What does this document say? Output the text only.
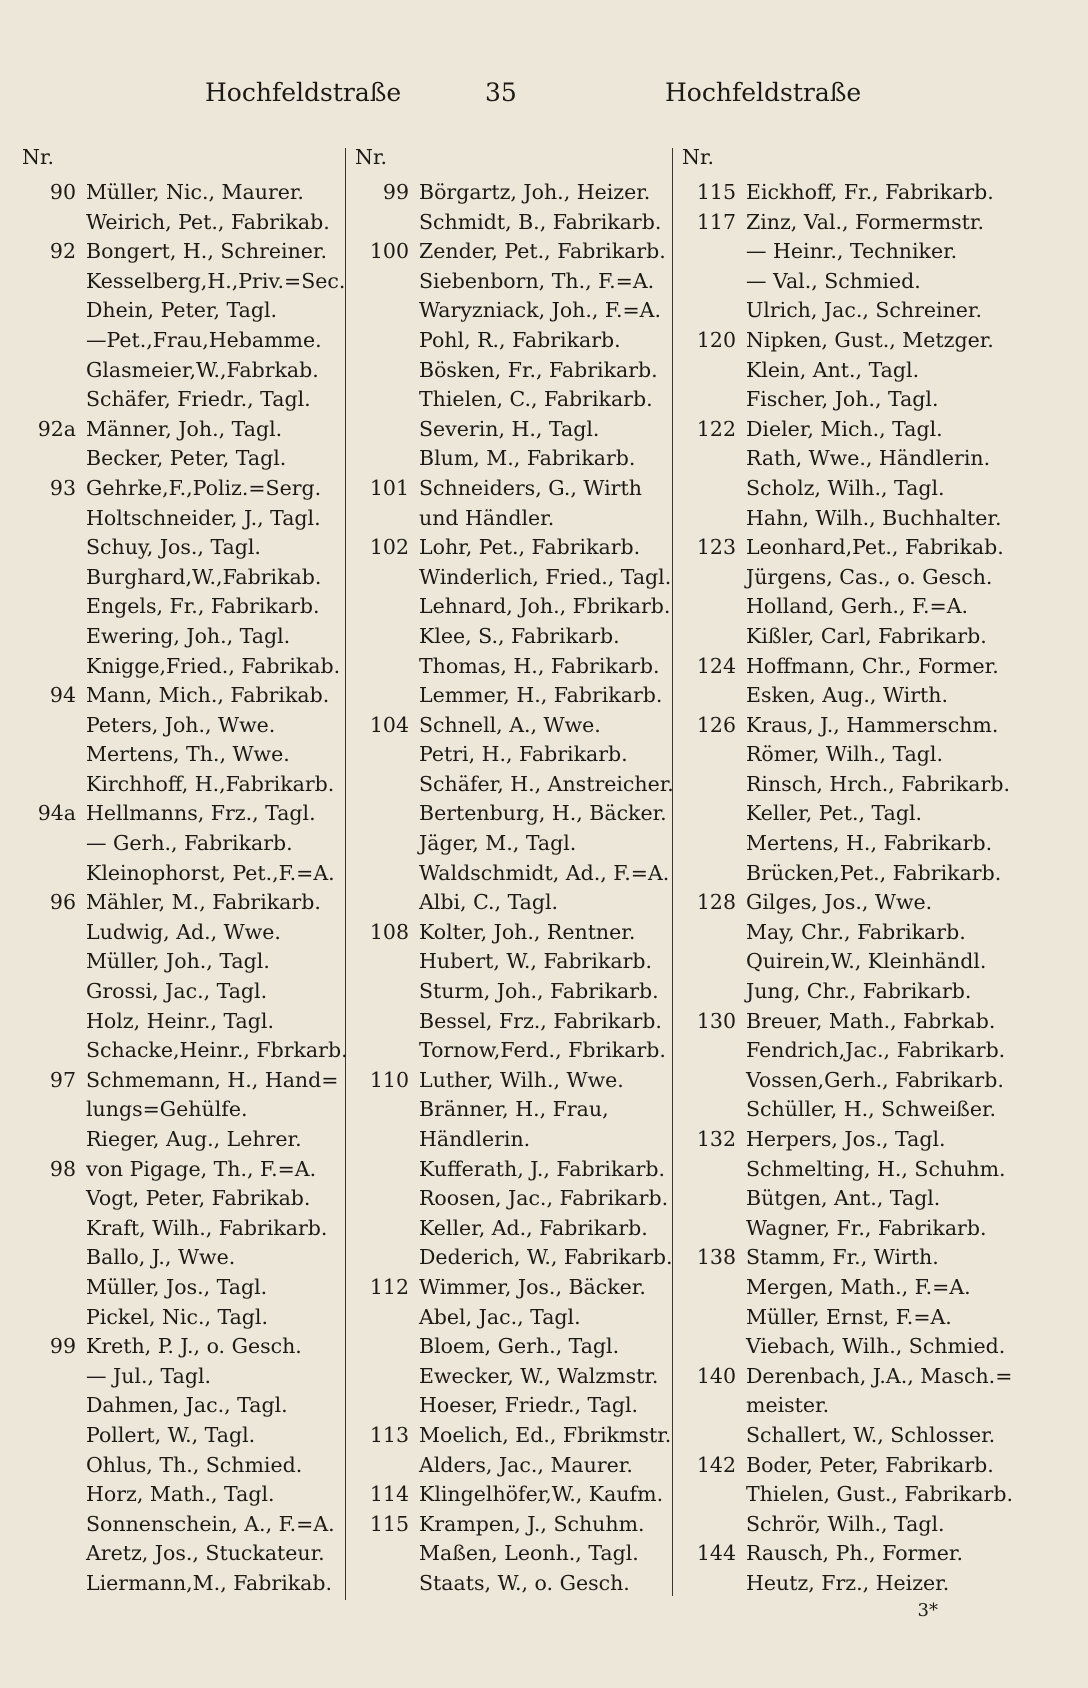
Hochfeldstraße	35	Hochfeldstraße
Nr.
90 Müller, Nic., Maurer.
Weirich, Pet., Fabrikab.
92 Bongert, H., Schreiner.
Kesselberg,H.,Priv.=Sec.
Dhein, Peter, Tagl.
—Pet.,Frau,Hebamme.
Glasmeier,W.,Fabrkab.
Schäfer, Friedr., Tagl.
92a Männer, Joh., Tagl.
Becker, Peter, Tagl.
93 Gehrke,F.,Poliz.=Serg.
Holtschneider, J., Tagl.
Schuy, Jos., Tagl.
Burghard,W.,Fabrikab.
Engels, Fr., Fabrikarb.
Ewering, Joh., Tagl.
Knigge,Fried., Fabrikab.
94 Mann, Mich., Fabrikab.
Peters, Joh., Wwe.
Mertens, Th., Wwe.
Kirchhoff, H.,Fabrikarb.
94a Hellmanns, Frz., Tagl.
— Gerh., Fabrikarb.
Kleinophorst, Pet.,F.=A.
96 Mähler, M., Fabrikarb.
Ludwig, Ad., Wwe.
Müller, Joh., Tagl.
Grossi, Jac., Tagl.
Holz, Heinr., Tagl.
Schacke,Heinr., Fbrkarb.
97 Schmemann, H., Hand=
lungs=Gehülfe.
Rieger, Aug., Lehrer.
98 von Pigage, Th., F.=A.
Vogt, Peter, Fabrikab.
Kraft, Wilh., Fabrikarb.
Ballo, J., Wwe.
Müller, Jos., Tagl.
Pickel, Nic., Tagl.
99 Kreth, P. J., o. Gesch.
— Jul., Tagl.
Dahmen, Jac., Tagl.
Pollert, W., Tagl.
Ohlus, Th., Schmied.
Horz, Math., Tagl.
Sonnenschein, A., F.=A.
Aretz, Jos., Stuckateur.
Liermann,M., Fabrikab.
Nr.
99 Börgartz, Joh., Heizer.
Schmidt, B., Fabrikarb.
100 Zender, Pet., Fabrikarb.
Siebenborn, Th., F.=A.
Waryzniack, Joh., F.=A.
Pohl, R., Fabrikarb.
Bösken, Fr., Fabrikarb.
Thielen, C., Fabrikarb.
Severin, H., Tagl.
Blum, M., Fabrikarb.
101 Schneiders, G., Wirth
und Händler.
102 Lohr, Pet., Fabrikarb.
Winderlich, Fried., Tagl.
Lehnard, Joh., Fbrikarb.
Klee, S., Fabrikarb.
Thomas, H., Fabrikarb.
Lemmer, H., Fabrikarb.
104 Schnell, A., Wwe.
Petri, H., Fabrikarb.
Schäfer, H., Anstreicher.
Bertenburg, H., Bäcker.
Jäger, M., Tagl.
Waldschmidt, Ad., F.=A.
Albi, C., Tagl.
108 Kolter, Joh., Rentner.
Hubert, W., Fabrikarb.
Sturm, Joh., Fabrikarb.
Bessel, Frz., Fabrikarb.
Tornow,Ferd., Fbrikarb.
110 Luther, Wilh., Wwe.
Bränner, H., Frau,
Händlerin.
Kufferath, J., Fabrikarb.
Roosen, Jac., Fabrikarb.
Keller, Ad., Fabrikarb.
Dederich, W., Fabrikarb.
112 Wimmer, Jos., Bäcker.
Abel, Jac., Tagl.
Bloem, Gerh., Tagl.
Ewecker, W., Walzmstr.
Hoeser, Friedr., Tagl.
113 Moelich, Ed., Fbrikmstr.
Alders, Jac., Maurer.
114 Klingelhöfer,W., Kaufm.
115 Krampen, J., Schuhm.
Maßen, Leonh., Tagl.
Staats, W., o. Gesch.
Nr.
115 Eickhoff, Fr., Fabrikarb.
117 Zinz, Val., Formermstr.
— Heinr., Techniker.
— Val., Schmied.
Ulrich, Jac., Schreiner.
120 Nipken, Gust., Metzger.
Klein, Ant., Tagl.
Fischer, Joh., Tagl.
122 Dieler, Mich., Tagl.
Rath, Wwe., Händlerin.
Scholz, Wilh., Tagl.
Hahn, Wilh., Buchhalter.
123 Leonhard,Pet., Fabrikab.
Jürgens, Cas., o. Gesch.
Holland, Gerh., F.=A.
Kißler, Carl, Fabrikarb.
124 Hoffmann, Chr., Former.
Esken, Aug., Wirth.
126 Kraus, J., Hammerschm.
Römer, Wilh., Tagl.
Rinsch, Hrch., Fabrikarb.
Keller, Pet., Tagl.
Mertens, H., Fabrikarb.
Brücken,Pet., Fabrikarb.
128 Gilges, Jos., Wwe.
May, Chr., Fabrikarb.
Quirein,W., Kleinhändl.
Jung, Chr., Fabrikarb.
130 Breuer, Math., Fabrkab.
Fendrich,Jac., Fabrikarb.
Vossen,Gerh., Fabrikarb.
Schüller, H., Schweißer.
132 Herpers, Jos., Tagl.
Schmelting, H., Schuhm.
Bütgen, Ant., Tagl.
Wagner, Fr., Fabrikarb.
138 Stamm, Fr., Wirth.
Mergen, Math., F.=A.
Müller, Ernst, F.=A.
Viebach, Wilh., Schmied.
140 Derenbach, J.A., Masch.=
meister.
Schallert, W., Schlosser.
142 Boder, Peter, Fabrikarb.
Thielen, Gust., Fabrikarb.
Schrör, Wilh., Tagl.
144 Rausch, Ph., Former.
Heutz, Frz., Heizer.
3*
